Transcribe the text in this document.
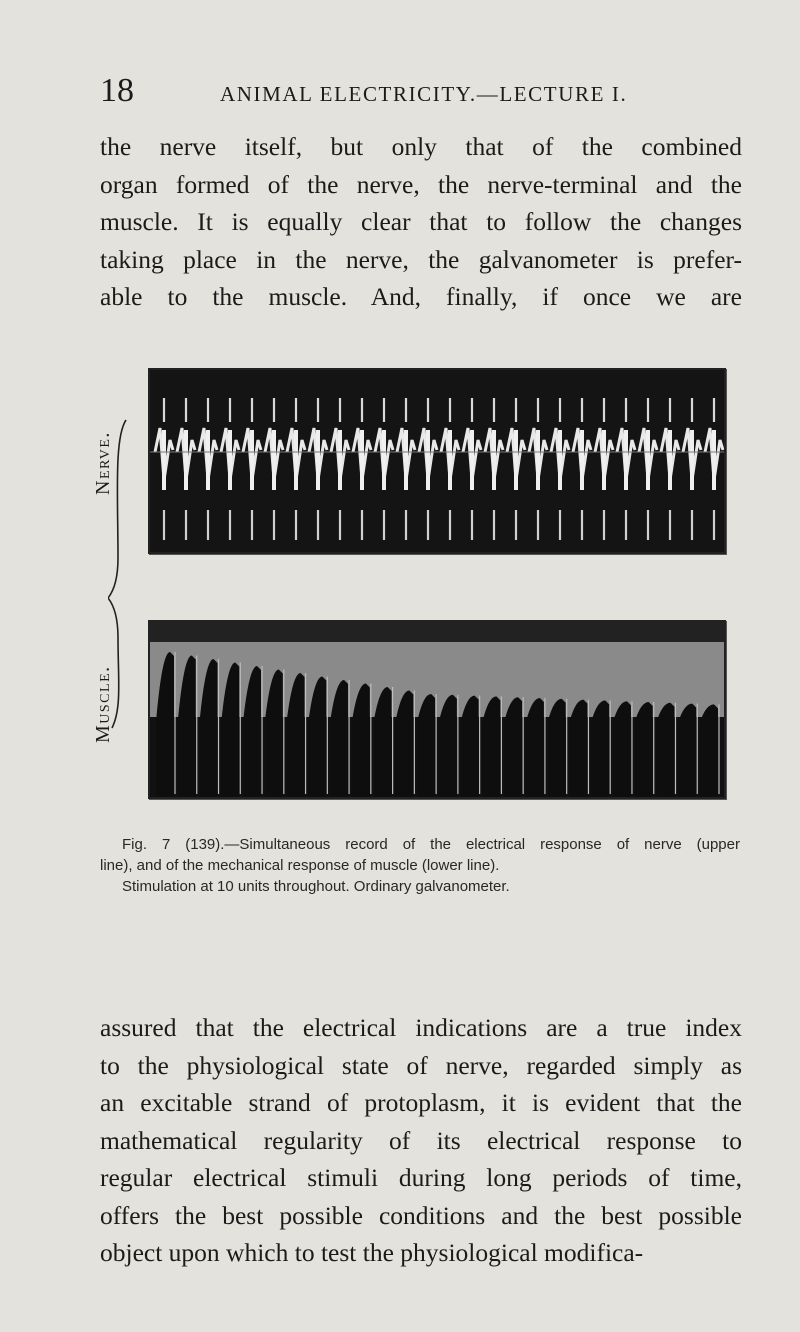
18	ANIMAL ELECTRICITY.—LECTURE I.
the nerve itself, but only that of the combined
organ formed of the nerve, the nerve-terminal and the
muscle. It is equally clear that to follow the changes
taking place in the nerve, the galvanometer is prefer-
able to the muscle. And, finally, if once we are
Nerve.
Muscle.
Fig. 7 (139).—Simultaneous record of the electrical response of nerve (upper
line), and of the mechanical response of muscle (lower line).
Stimulation at 10 units throughout. Ordinary galvanometer.
assured that the electrical indications are a true index
to the physiological state of nerve, regarded simply as
an excitable strand of protoplasm, it is evident that the
mathematical regularity of its electrical response to
regular electrical stimuli during long periods of time,
offers the best possible conditions and the best possible
object upon which to test the physiological modifica-
